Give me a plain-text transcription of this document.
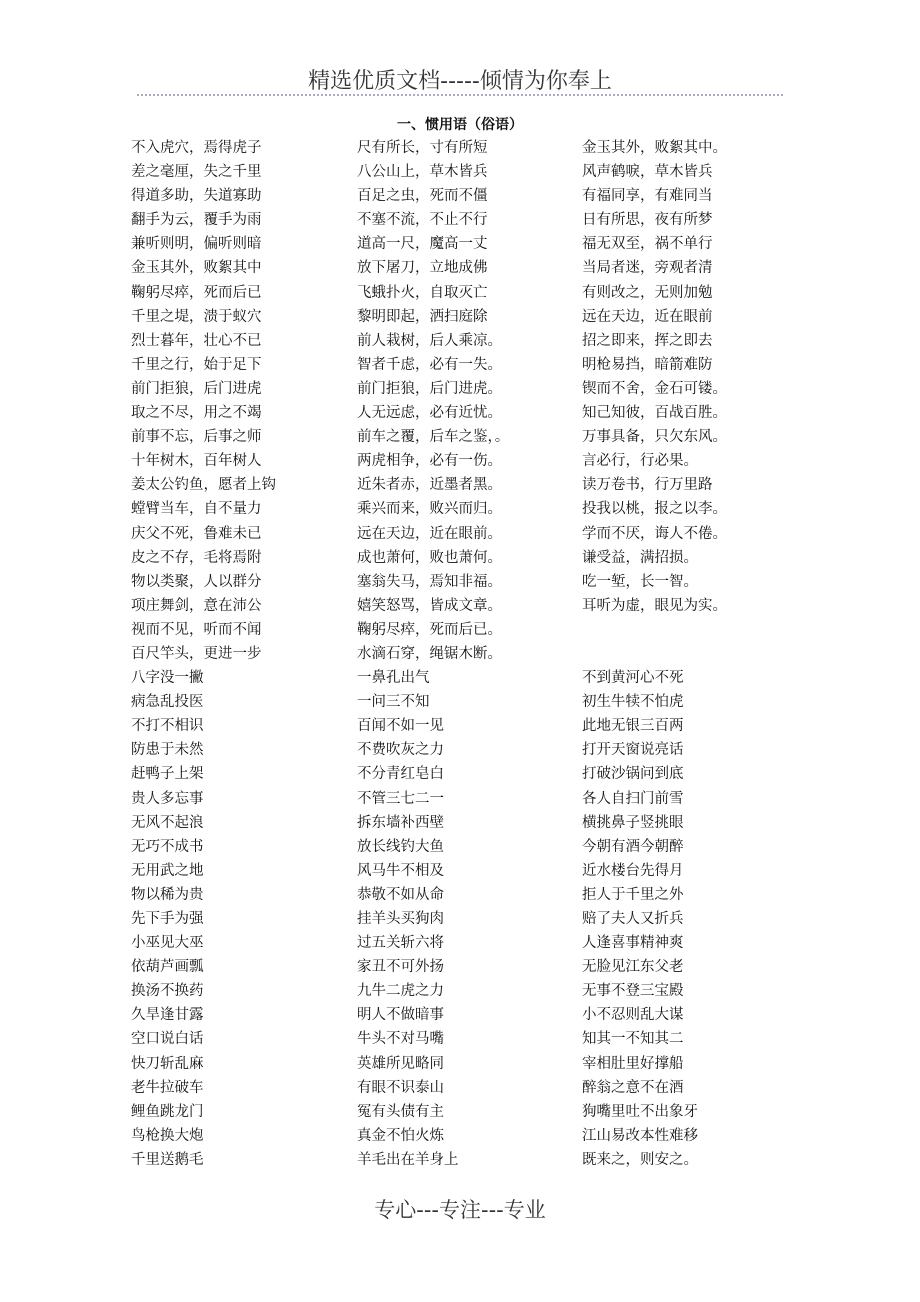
精选优质文档-----倾情为你奉上
一、惯用语（俗语）
不入虎穴，焉得虎子	尺有所长，寸有所短	金玉其外，败絮其中。
差之毫厘，失之千里	八公山上，草木皆兵	风声鹤唳，草木皆兵
得道多助，失道寡助	百足之虫，死而不僵	有福同享，有难同当
翻手为云，覆手为雨	不塞不流，不止不行	日有所思，夜有所梦
兼听则明，偏听则暗	道高一尺，魔高一丈	福无双至，祸不单行
金玉其外，败絮其中	放下屠刀，立地成佛	当局者迷，旁观者清
鞠躬尽瘁，死而后已	飞蛾扑火，自取灭亡	有则改之，无则加勉
千里之堤，溃于蚁穴	黎明即起，洒扫庭除	远在天边，近在眼前
烈士暮年，壮心不已	前人栽树，后人乘凉。	招之即来，挥之即去
千里之行，始于足下	智者千虑，必有一失。	明枪易挡，暗箭难防
前门拒狼，后门进虎	前门拒狼，后门进虎。	锲而不舍，金石可镂。
取之不尽，用之不竭	人无远虑，必有近忧。	知己知彼，百战百胜。
前事不忘，后事之师	前车之覆，后车之鉴，。	万事具备，只欠东风。
十年树木，百年树人	两虎相争，必有一伤。	言必行，行必果。
姜太公钓鱼，愿者上钩	近朱者赤，近墨者黑。	读万卷书，行万里路
螳臂当车，自不量力	乘兴而来，败兴而归。	投我以桃，报之以李。
庆父不死，鲁难未已	远在天边，近在眼前。	学而不厌，诲人不倦。
皮之不存，毛将焉附	成也萧何，败也萧何。	谦受益，满招损。
物以类聚，人以群分	塞翁失马，焉知非福。	吃一堑，长一智。
项庄舞剑，意在沛公	嬉笑怒骂，皆成文章。	耳听为虚，眼见为实。
视而不见，听而不闻	鞠躬尽瘁，死而后已。
百尺竿头，更进一步	水滴石穿，绳锯木断。
八字没一撇	一鼻孔出气	不到黄河心不死
病急乱投医	一问三不知	初生牛犊不怕虎
不打不相识	百闻不如一见	此地无银三百两
防患于未然	不费吹灰之力	打开天窗说亮话
赶鸭子上架	不分青红皂白	打破沙锅问到底
贵人多忘事	不管三七二一	各人自扫门前雪
无风不起浪	拆东墙补西壁	横挑鼻子竖挑眼
无巧不成书	放长线钓大鱼	今朝有酒今朝醉
无用武之地	风马牛不相及	近水楼台先得月
物以稀为贵	恭敬不如从命	拒人于千里之外
先下手为强	挂羊头买狗肉	赔了夫人又折兵
小巫见大巫	过五关斩六将	人逢喜事精神爽
依葫芦画瓢	家丑不可外扬	无脸见江东父老
换汤不换药	九牛二虎之力	无事不登三宝殿
久旱逢甘露	明人不做暗事	小不忍则乱大谋
空口说白话	牛头不对马嘴	知其一不知其二
快刀斩乱麻	英雄所见略同	宰相肚里好撑船
老牛拉破车	有眼不识泰山	醉翁之意不在酒
鲤鱼跳龙门	冤有头债有主	狗嘴里吐不出象牙
鸟枪换大炮	真金不怕火炼	江山易改本性难移
千里送鹅毛	羊毛出在羊身上	既来之，则安之。
专心---专注---专业
